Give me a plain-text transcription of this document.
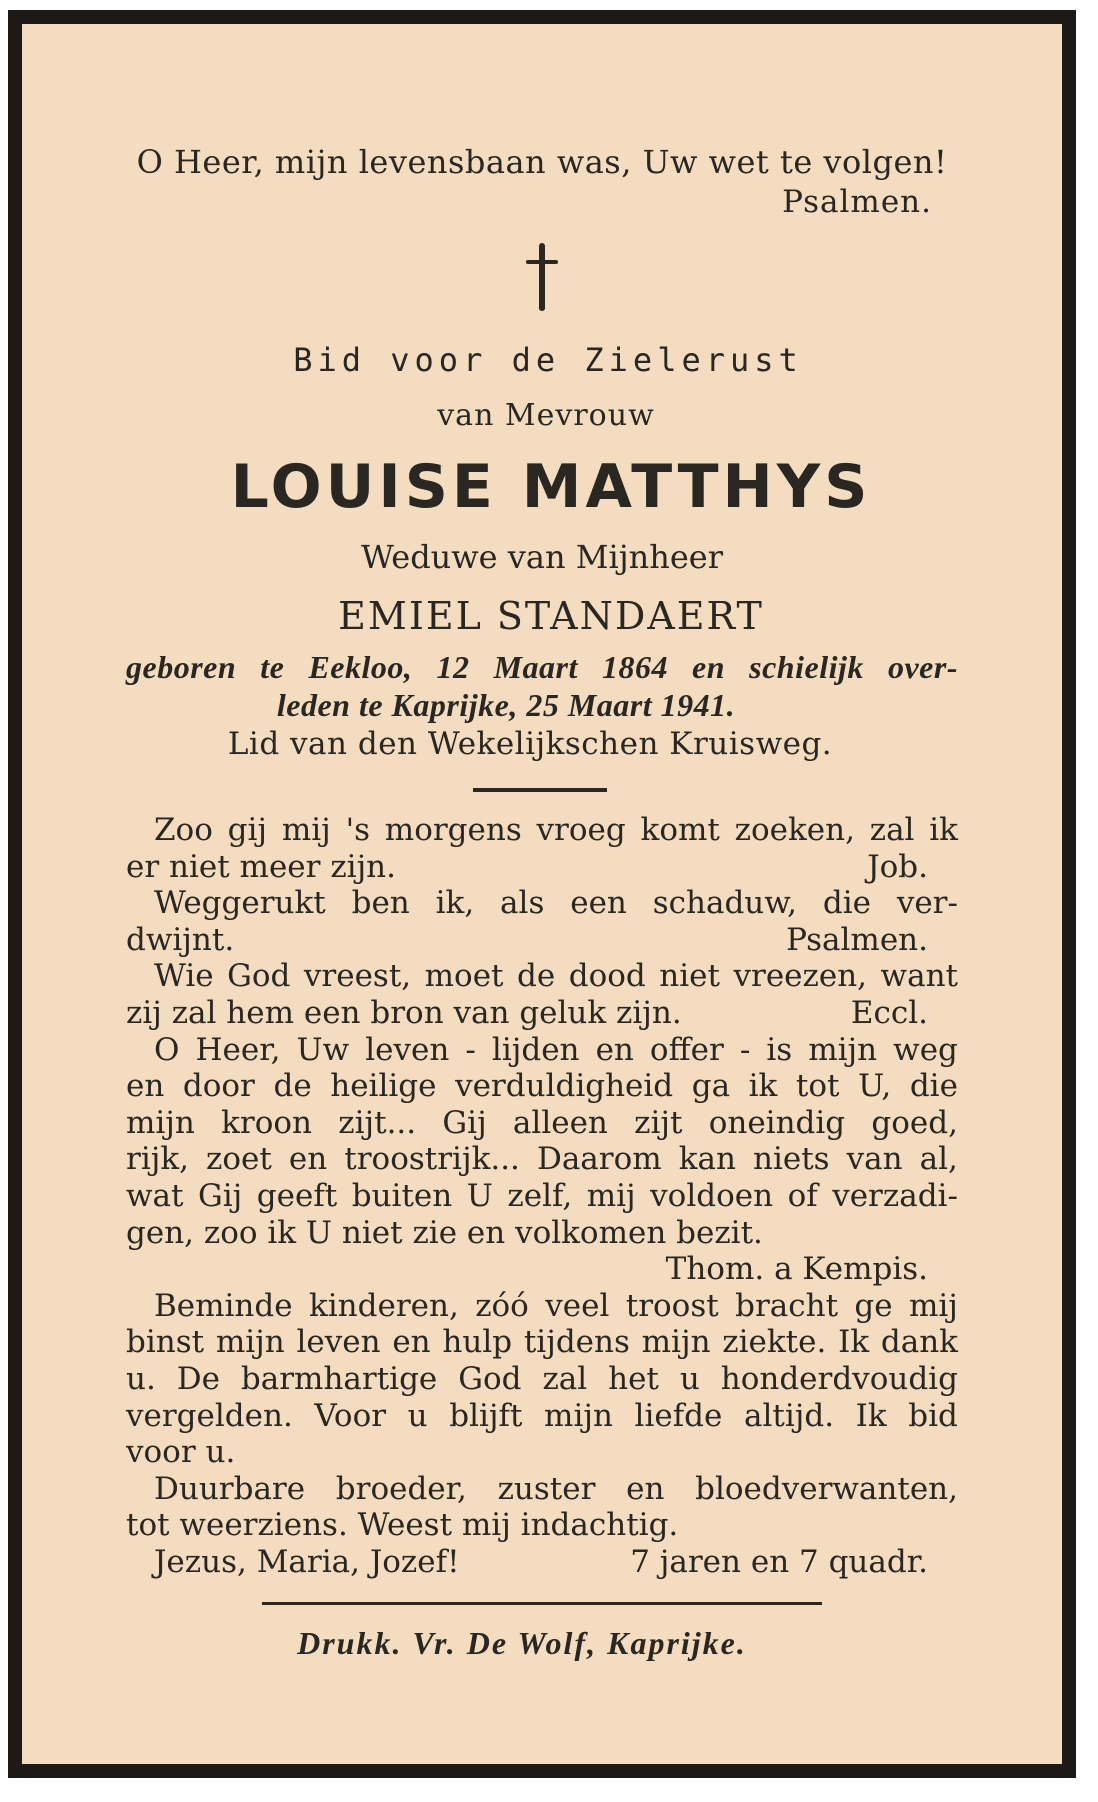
O Heer, mijn levensbaan was, Uw wet te volgen!
Psalmen.
Bid voor de Zielerust
van Mevrouw
LOUISE MATTHYS
Weduwe van Mijnheer
EMIEL STANDAERT
geboren te Eekloo, 12 Maart 1864 en schielijk over-
leden te Kaprijke, 25 Maart 1941.
Lid van den Wekelijkschen Kruisweg.
Zoo gij mij 's morgens vroeg komt zoeken, zal ik
er niet meer zijn.	Job.
Weggerukt ben ik, als een schaduw, die ver-
dwijnt.	Psalmen.
Wie God vreest, moet de dood niet vreezen, want
zij zal hem een bron van geluk zijn.	Eccl.
O Heer, Uw leven - lijden en offer - is mijn weg
en door de heilige verduldigheid ga ik tot U, die
mijn kroon zijt... Gij alleen zijt oneindig goed,
rijk, zoet en troostrijk... Daarom kan niets van al,
wat Gij geeft buiten U zelf, mij voldoen of verzadi-
gen, zoo ik U niet zie en volkomen bezit.
Thom. a Kempis.
Beminde kinderen, zóó veel troost bracht ge mij
binst mijn leven en hulp tijdens mijn ziekte. Ik dank
u. De barmhartige God zal het u honderdvoudig
vergelden. Voor u blijft mijn liefde altijd. Ik bid
voor u.
Duurbare broeder, zuster en bloedverwanten,
tot weerziens. Weest mij indachtig.
Jezus, Maria, Jozef!	7 jaren en 7 quadr.
Drukk. Vr. De Wolf, Kaprijke.
